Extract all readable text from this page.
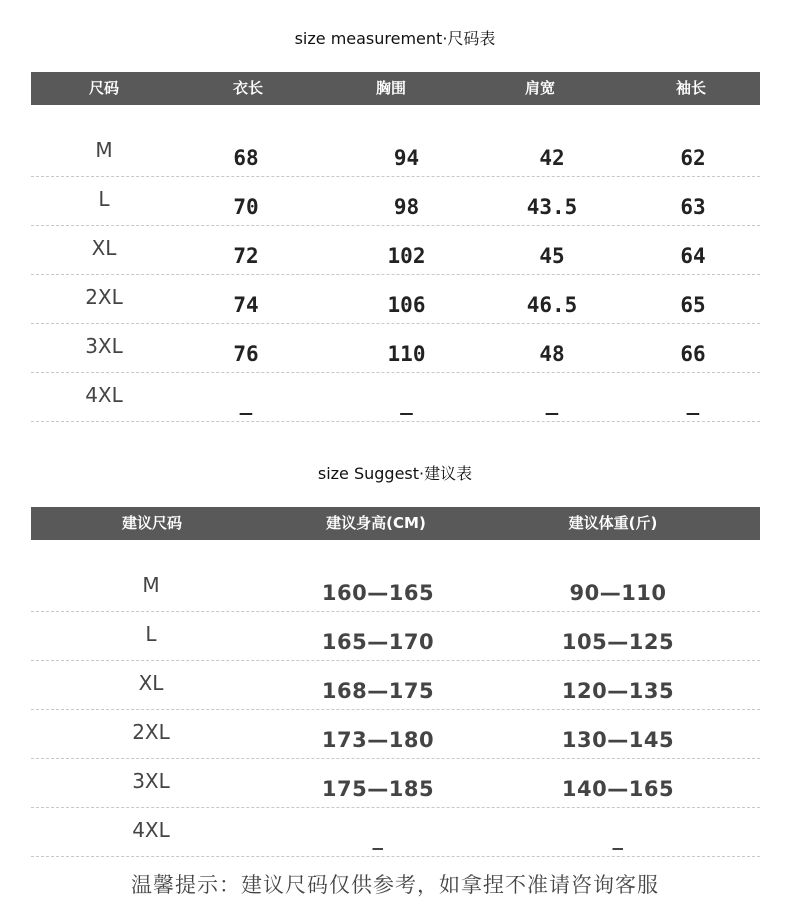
size measurement·尺码表
尺码	衣长	胸围	肩宽	袖长
M	68	94	42	62
L	70	98	43.5	63
XL	72	102	45	64
2XL	74	106	46.5	65
3XL	76	110	48	66
4XL	_	_	_	_
size Suggest·建议表
建议尺码	建议身高(CM)	建议体重(斤)
M	160—165	90—110
L	165—170	105—125
XL	168—175	120—135
2XL	173—180	130—145
3XL	175—185	140—165
4XL	_	_
温馨提示：建议尺码仅供参考，如拿捏不准请咨询客服
